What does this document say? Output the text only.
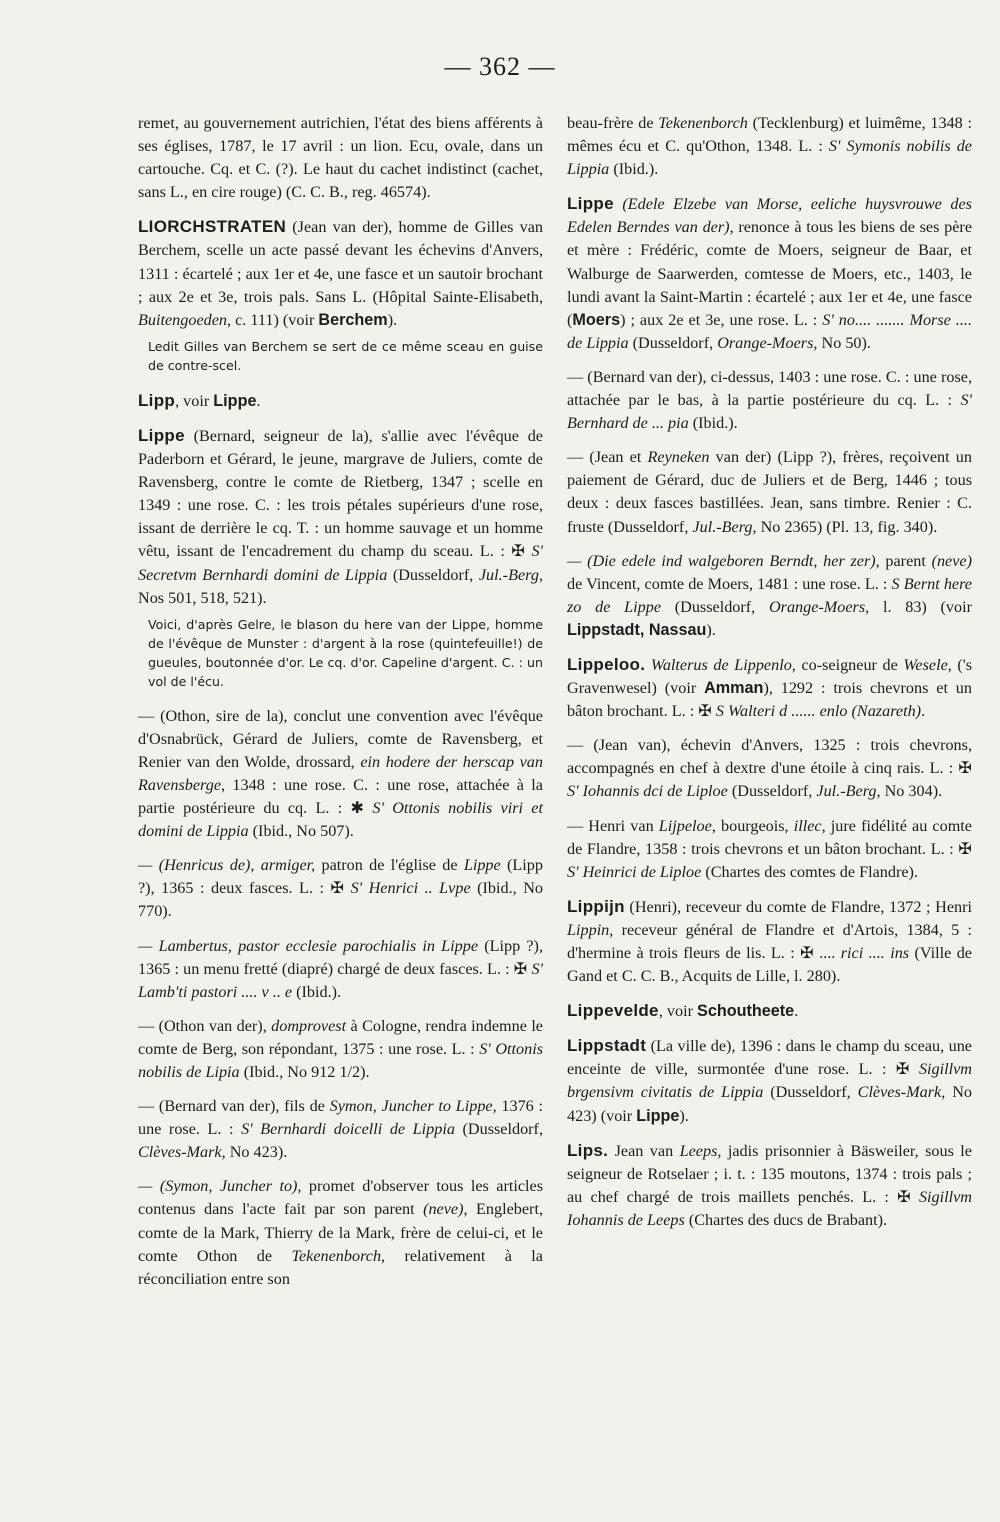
— 362 —

remet, au gouvernement autrichien, l'état des biens afférents à ses églises, 1787, le 17 avril : un lion. Ecu, ovale, dans un cartouche. Cq. et C. (?). Le haut du cachet indistinct (cachet, sans L., en cire rouge) (C. C. B., reg. 46574).

LIORCHSTRATEN (Jean van der), homme de Gilles van Berchem, scelle un acte passé devant les échevins d'Anvers, 1311 : écartelé ; aux 1er et 4e, une fasce et un sautoir brochant ; aux 2e et 3e, trois pals. Sans L. (Hôpital Sainte-Elisabeth, Buitengoeden, c. 111) (voir Berchem).

Ledit Gilles van Berchem se sert de ce même sceau en guise de contre-scel.

Lipp, voir Lippe.

Lippe (Bernard, seigneur de la), s'allie avec l'évêque de Paderborn et Gérard, le jeune, margrave de Juliers, comte de Ravensberg, contre le comte de Rietberg, 1347 ; scelle en 1349 : une rose. C. : les trois pétales supérieurs d'une rose, issant de derrière le cq. T. : un homme sauvage et un homme vêtu, issant de l'encadrement du champ du sceau. L. : ✠ S' Secretvm Bernhardi domini de Lippia (Dusseldorf, Jul.-Berg, Nos 501, 518, 521).

Voici, d'après Gelre, le blason du here van der Lippe, homme de l'évêque de Munster : d'argent à la rose (quintefeuille!) de gueules, boutonnée d'or. Le cq. d'or. Capeline d'argent. C. : un vol de l'écu.

— (Othon, sire de la), conclut une convention avec l'évêque d'Osnabrück, Gérard de Juliers, comte de Ravensberg, et Renier van den Wolde, drossard, ein hodere der herscap van Ravensberge, 1348 : une rose. C. : une rose, attachée à la partie postérieure du cq. L. : ✱ S' Ottonis nobilis viri et domini de Lippia (Ibid., No 507).

— (Henricus de), armiger, patron de l'église de Lippe (Lipp ?), 1365 : deux fasces. L. : ✠ S' Henrici .. Lvpe (Ibid., No 770).

— Lambertus, pastor ecclesie parochialis in Lippe (Lipp ?), 1365 : un menu fretté (diapré) chargé de deux fasces. L. : ✠ S' Lamb'ti pastori .... v .. e (Ibid.).

— (Othon van der), domprovest à Cologne, rendra indemne le comte de Berg, son répondant, 1375 : une rose. L. : S' Ottonis nobilis de Lipia (Ibid., No 912 1/2).

— (Bernard van der), fils de Symon, Juncher to Lippe, 1376 : une rose. L. : S' Bernhardi doicelli de Lippia (Dusseldorf, Clèves-Mark, No 423).

— (Symon, Juncher to), promet d'observer tous les articles contenus dans l'acte fait par son parent (neve), Englebert, comte de la Mark, Thierry de la Mark, frère de celui-ci, et le comte Othon de Tekenenborch, relativement à la réconciliation entre son

beau-frère de Tekenenborch (Tecklenburg) et luimême, 1348 : mêmes écu et C. qu'Othon, 1348. L. : S' Symonis nobilis de Lippia (Ibid.).

Lippe (Edele Elzebe van Morse, eeliche huysvrouwe des Edelen Berndes van der), renonce à tous les biens de ses père et mère : Frédéric, comte de Moers, seigneur de Baar, et Walburge de Saarwerden, comtesse de Moers, etc., 1403, le lundi avant la Saint-Martin : écartelé ; aux 1er et 4e, une fasce (Moers) ; aux 2e et 3e, une rose. L. : S' no.... ....... Morse .... de Lippia (Dusseldorf, Orange-Moers, No 50).

— (Bernard van der), ci-dessus, 1403 : une rose. C. : une rose, attachée par le bas, à la partie postérieure du cq. L. : S' Bernhard de ... pia (Ibid.).

— (Jean et Reyneken van der) (Lipp ?), frères, reçoivent un paiement de Gérard, duc de Juliers et de Berg, 1446 ; tous deux : deux fasces bastillées. Jean, sans timbre. Renier : C. fruste (Dusseldorf, Jul.-Berg, No 2365) (Pl. 13, fig. 340).

— (Die edele ind walgeboren Berndt, her zer), parent (neve) de Vincent, comte de Moers, 1481 : une rose. L. : S Bernt here zo de Lippe (Dusseldorf, Orange-Moers, l. 83) (voir Lippstadt, Nassau).

Lippeloo. Walterus de Lippenlo, co-seigneur de Wesele, ('s Gravenwesel) (voir Amman), 1292 : trois chevrons et un bâton brochant. L. : ✠ S Walteri d ...... enlo (Nazareth).

— (Jean van), échevin d'Anvers, 1325 : trois chevrons, accompagnés en chef à dextre d'une étoile à cinq rais. L. : ✠ S' Iohannis dci de Liploe (Dusseldorf, Jul.-Berg, No 304).

— Henri van Lijpeloe, bourgeois, illec, jure fidélité au comte de Flandre, 1358 : trois chevrons et un bâton brochant. L. : ✠ S' Heinrici de Liploe (Chartes des comtes de Flandre).

Lippijn (Henri), receveur du comte de Flandre, 1372 ; Henri Lippin, receveur général de Flandre et d'Artois, 1384, 5 : d'hermine à trois fleurs de lis. L. : ✠ .... rici .... ins (Ville de Gand et C. C. B., Acquits de Lille, l. 280).

Lippevelde, voir Schoutheete.

Lippstadt (La ville de), 1396 : dans le champ du sceau, une enceinte de ville, surmontée d'une rose. L. : ✠ Sigillvm brgensivm civitatis de Lippia (Dusseldorf, Clèves-Mark, No 423) (voir Lippe).

Lips. Jean van Leeps, jadis prisonnier à Bäsweiler, sous le seigneur de Rotselaer ; i. t. : 135 moutons, 1374 : trois pals ; au chef chargé de trois maillets penchés. L. : ✠ Sigillvm Iohannis de Leeps (Chartes des ducs de Brabant).
